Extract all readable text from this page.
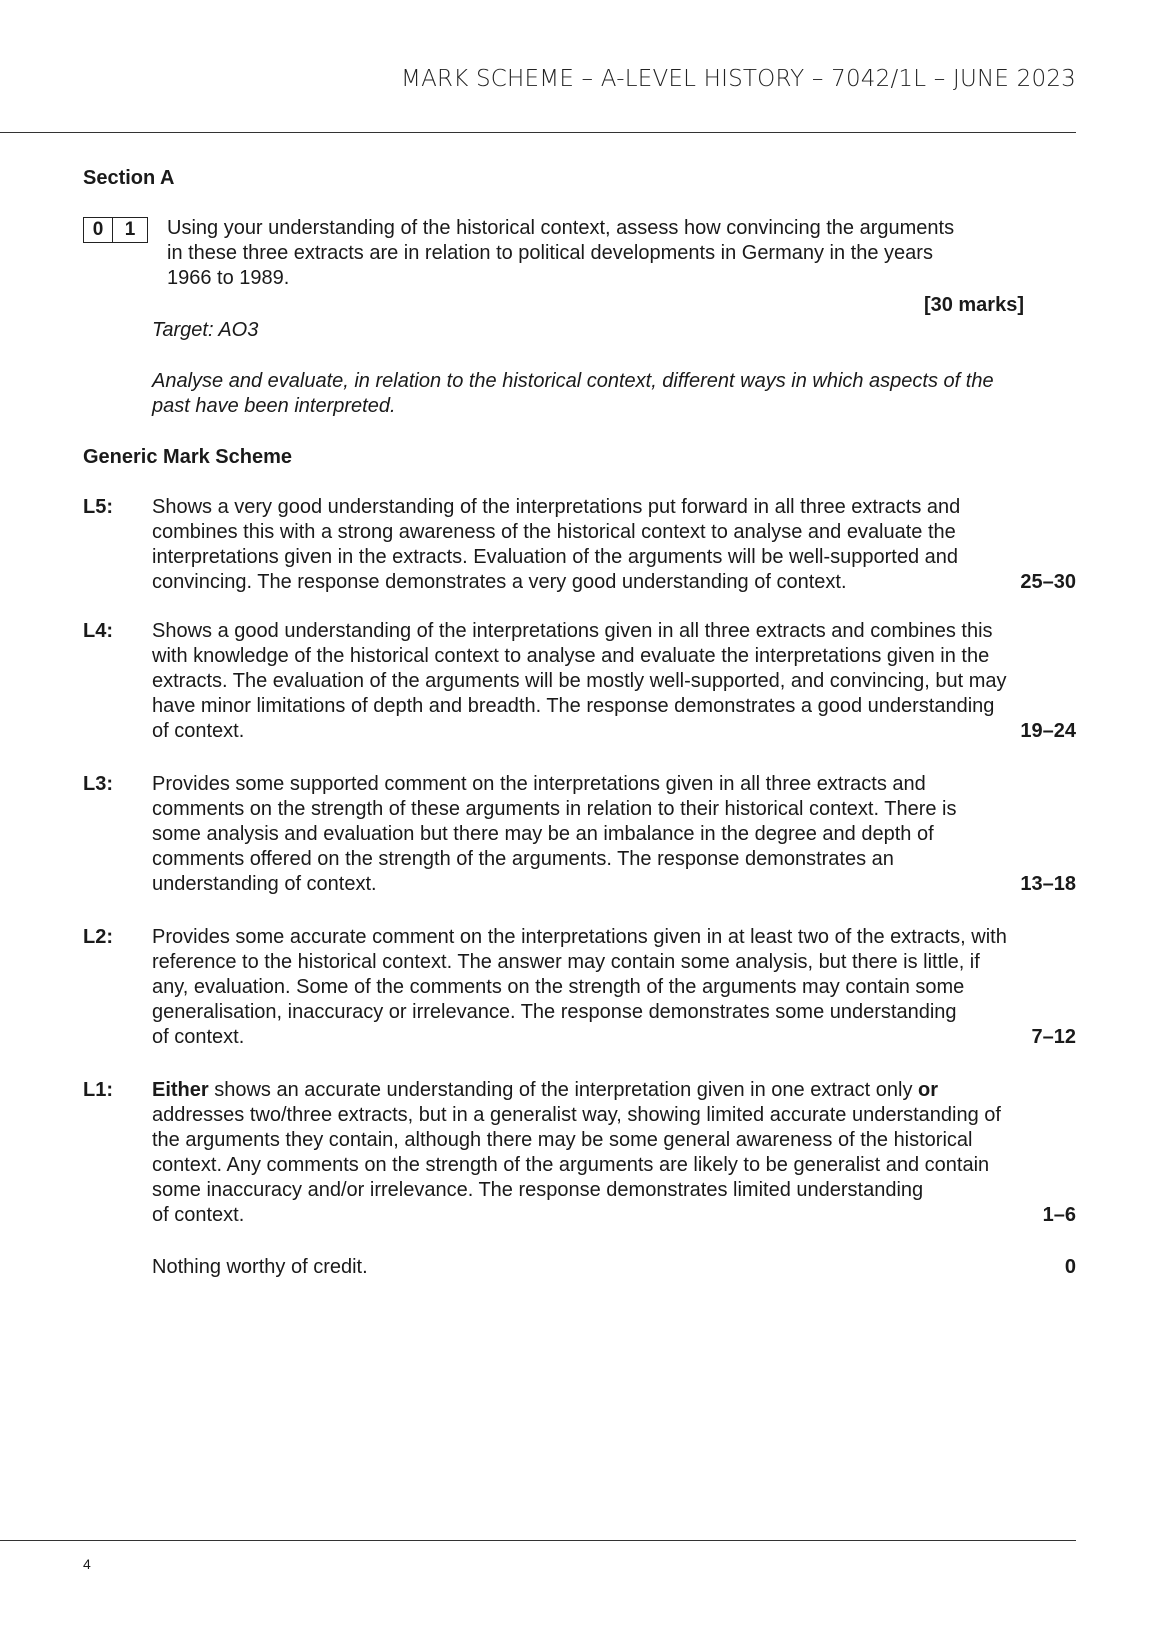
MARK SCHEME – A-LEVEL HISTORY – 7042/1L – JUNE 2023
Section A
0	1	Using your understanding of the historical context, assess how convincing the arguments
in these three extracts are in relation to political developments in Germany in the years
1966 to 1989.
[30 marks]
Target: AO3
Analyse and evaluate, in relation to the historical context, different ways in which aspects of the
past have been interpreted.
Generic Mark Scheme
L5: Shows a very good understanding of the interpretations put forward in all three extracts and
combines this with a strong awareness of the historical context to analyse and evaluate the
interpretations given in the extracts. Evaluation of the arguments will be well-supported and
convincing. The response demonstrates a very good understanding of context.	25–30
L4: Shows a good understanding of the interpretations given in all three extracts and combines this
with knowledge of the historical context to analyse and evaluate the interpretations given in the
extracts. The evaluation of the arguments will be mostly well-supported, and convincing, but may
have minor limitations of depth and breadth. The response demonstrates a good understanding
of context.	19–24
L3: Provides some supported comment on the interpretations given in all three extracts and
comments on the strength of these arguments in relation to their historical context. There is
some analysis and evaluation but there may be an imbalance in the degree and depth of
comments offered on the strength of the arguments. The response demonstrates an
understanding of context.	13–18
L2: Provides some accurate comment on the interpretations given in at least two of the extracts, with
reference to the historical context. The answer may contain some analysis, but there is little, if
any, evaluation. Some of the comments on the strength of the arguments may contain some
generalisation, inaccuracy or irrelevance. The response demonstrates some understanding
of context.	7–12
L1: Either shows an accurate understanding of the interpretation given in one extract only or
addresses two/three extracts, but in a generalist way, showing limited accurate understanding of
the arguments they contain, although there may be some general awareness of the historical
context. Any comments on the strength of the arguments are likely to be generalist and contain
some inaccuracy and/or irrelevance. The response demonstrates limited understanding
of context.	1–6
Nothing worthy of credit.	0
4
